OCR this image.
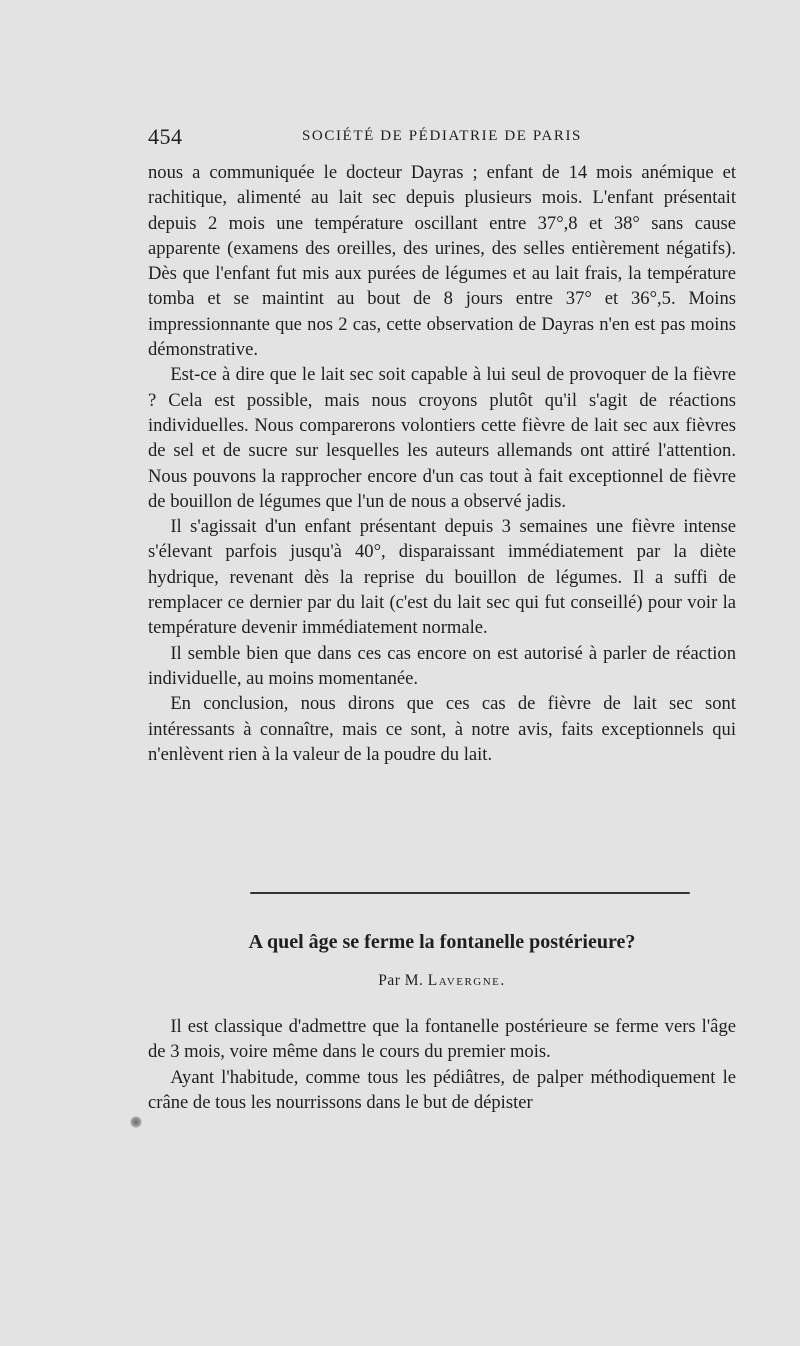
454	SOCIÉTÉ DE PÉDIATRIE DE PARIS

nous a communiquée le docteur Dayras ; enfant de 14 mois anémique et rachitique, alimenté au lait sec depuis plusieurs mois. L'enfant présentait depuis 2 mois une température oscillant entre 37°,8 et 38° sans cause apparente (examens des oreilles, des urines, des selles entièrement négatifs). Dès que l'enfant fut mis aux purées de légumes et au lait frais, la température tomba et se maintint au bout de 8 jours entre 37° et 36°,5. Moins impressionnante que nos 2 cas, cette observation de Dayras n'en est pas moins démonstrative.

Est-ce à dire que le lait sec soit capable à lui seul de provoquer de la fièvre ? Cela est possible, mais nous croyons plutôt qu'il s'agit de réactions individuelles. Nous comparerons volontiers cette fièvre de lait sec aux fièvres de sel et de sucre sur lesquelles les auteurs allemands ont attiré l'attention. Nous pouvons la rapprocher encore d'un cas tout à fait exceptionnel de fièvre de bouillon de légumes que l'un de nous a observé jadis.

Il s'agissait d'un enfant présentant depuis 3 semaines une fièvre intense s'élevant parfois jusqu'à 40°, disparaissant immédiatement par la diète hydrique, revenant dès la reprise du bouillon de légumes. Il a suffi de remplacer ce dernier par du lait (c'est du lait sec qui fut conseillé) pour voir la température devenir immédiatement normale.

Il semble bien que dans ces cas encore on est autorisé à parler de réaction individuelle, au moins momentanée.

En conclusion, nous dirons que ces cas de fièvre de lait sec sont intéressants à connaître, mais ce sont, à notre avis, faits exceptionnels qui n'enlèvent rien à la valeur de la poudre du lait.

A quel âge se ferme la fontanelle postérieure?
Par M. Lavergne.

Il est classique d'admettre que la fontanelle postérieure se ferme vers l'âge de 3 mois, voire même dans le cours du premier mois.

Ayant l'habitude, comme tous les pédiâtres, de palper méthodiquement le crâne de tous les nourrissons dans le but de dépister
